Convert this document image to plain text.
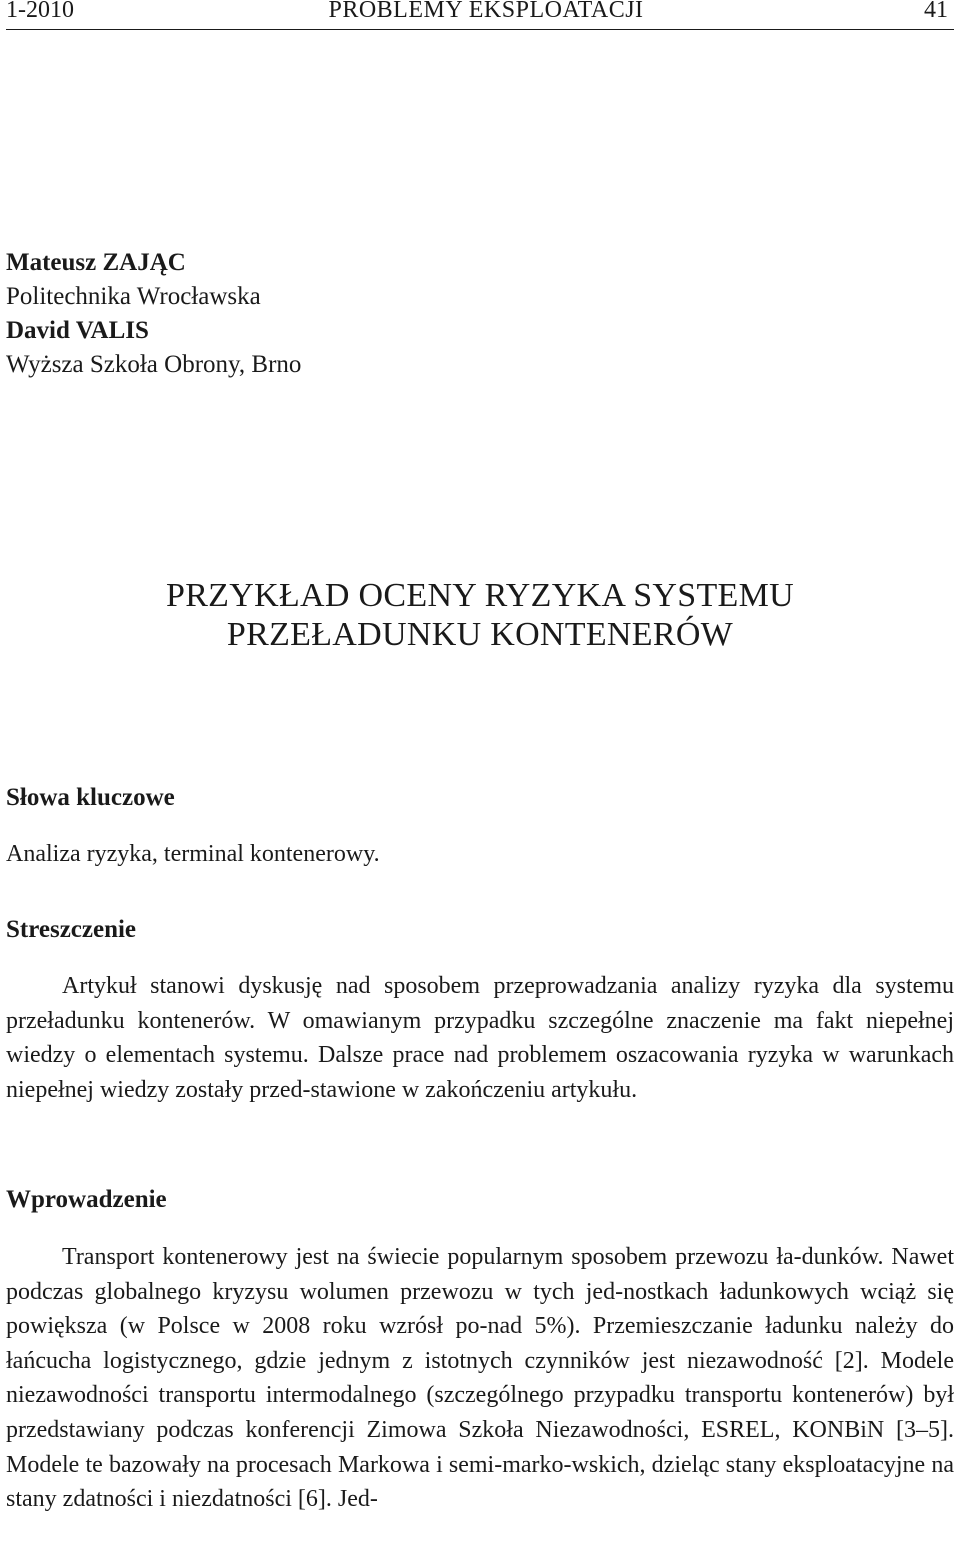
1-2010	PROBLEMY EKSPLOATACJI	41
Mateusz ZAJĄC
Politechnika Wrocławska
David VALIS
Wyższa Szkoła Obrony, Brno
PRZYKŁAD OCENY RYZYKA SYSTEMU
PRZEŁADUNKU KONTENERÓW
Słowa kluczowe
Analiza ryzyka, terminal kontenerowy.
Streszczenie

Artykuł stanowi dyskusję nad sposobem przeprowadzania analizy ryzyka dla systemu przeładunku kontenerów. W omawianym przypadku szczególne znaczenie ma fakt niepełnej wiedzy o elementach systemu. Dalsze prace nad problemem oszacowania ryzyka w warunkach niepełnej wiedzy zostały przed-stawione w zakończeniu artykułu.

Wprowadzenie

Transport kontenerowy jest na świecie popularnym sposobem przewozu ła-dunków. Nawet podczas globalnego kryzysu wolumen przewozu w tych jed-nostkach ładunkowych wciąż się powiększa (w Polsce w 2008 roku wzrósł po-nad 5%). Przemieszczanie ładunku należy do łańcucha logistycznego, gdzie jednym z istotnych czynników jest niezawodność [2]. Modele niezawodności transportu intermodalnego (szczególnego przypadku transportu kontenerów) był przedstawiany podczas konferencji Zimowa Szkoła Niezawodności, ESREL, KONBiN [3–5]. Modele te bazowały na procesach Markowa i semi-marko-wskich, dzieląc stany eksploatacyjne na stany zdatności i niezdatności [6]. Jed-
